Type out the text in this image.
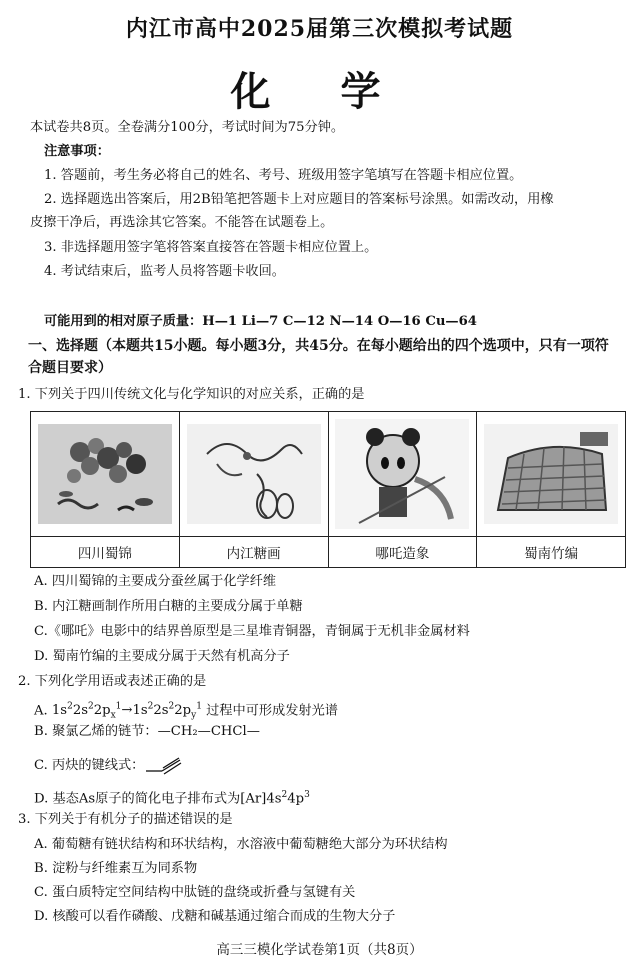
内江市高中2025届第三次模拟考试题
化 学
本试卷共8页。全卷满分100分，考试时间为75分钟。
注意事项：
1. 答题前，考生务必将自己的姓名、考号、班级用签字笔填写在答题卡相应位置。
2. 选择题选出答案后，用2B铅笔把答题卡上对应题目的答案标号涂黑。如需改动，用橡
皮擦干净后，再选涂其它答案。不能答在试题卷上。
3. 非选择题用签字笔将答案直接答在答题卡相应位置上。
4. 考试结束后，监考人员将答题卡收回。
可能用到的相对原子质量：H—1 Li—7 C—12 N—14 O—16 Cu—64
一、选择题（本题共15小题。每小题3分，共45分。在每小题给出的四个选项中，只有一项符
合题目要求）
1. 下列关于四川传统文化与化学知识的对应关系，正确的是

四川蜀锦	内江糖画	哪吒造象	蜀南竹编
A. 四川蜀锦的主要成分蚕丝属于化学纤维
B. 内江糖画制作所用白糖的主要成分属于单糖
C.《哪吒》电影中的结界兽原型是三星堆青铜器，青铜属于无机非金属材料
D. 蜀南竹编的主要成分属于天然有机高分子
2. 下列化学用语或表述正确的是
A. $1s^22s^22p_x^1\to 1s^22s^22p_y^1$ 过程中可形成发射光谱
B. 聚氯乙烯的链节：—CH₂—CHCl—
C. 丙炔的键线式：
D. 基态As原子的简化电子排布式为$[Ar]4s^24p^3$
3. 下列关于有机分子的描述错误的是
A. 葡萄糖有链状结构和环状结构，水溶液中葡萄糖绝大部分为环状结构
B. 淀粉与纤维素互为同系物
C. 蛋白质特定空间结构中肽链的盘绕或折叠与氢键有关
D. 核酸可以看作磷酸、戊糖和碱基通过缩合而成的生物大分子
高三三模化学试卷第1页（共8页）
